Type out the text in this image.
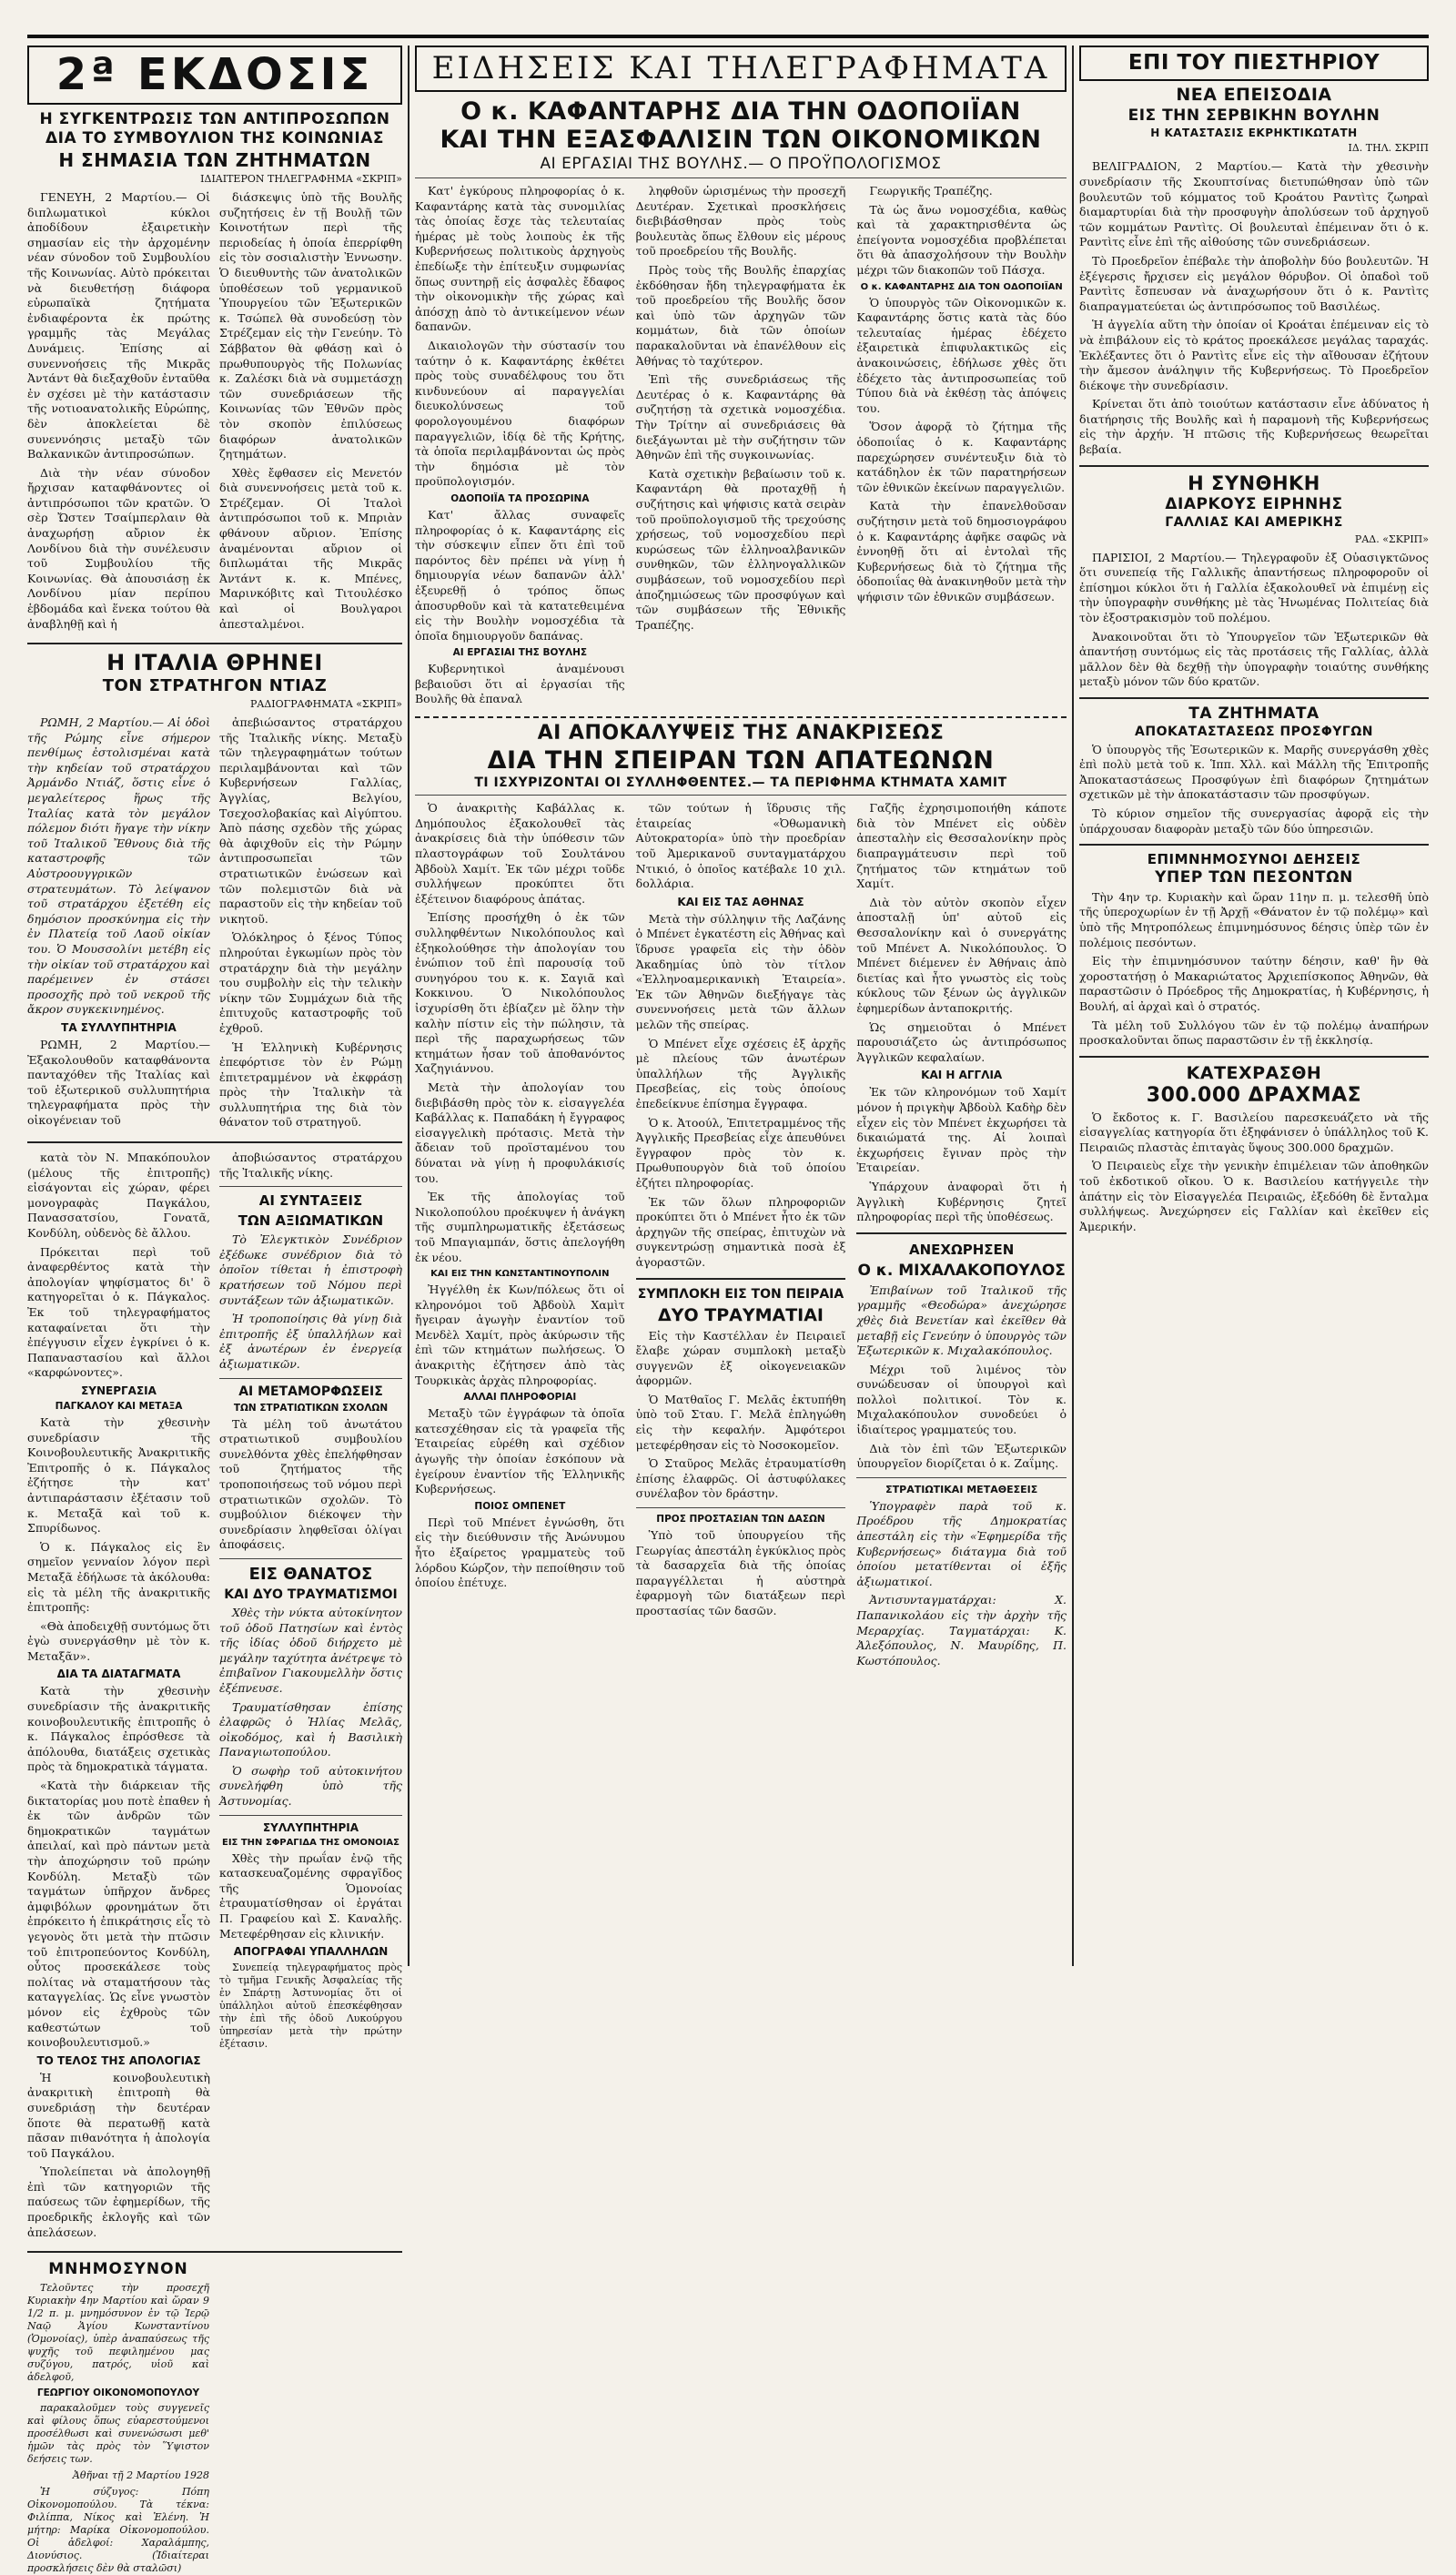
2ª ΕΚΔΟΣΙΣ
Η ΣΥΓΚΕΝΤΡΩΣΙΣ ΤΩΝ ΑΝΤΙΠΡΟΣΩΠΩΝ
ΔΙΑ ΤΟ ΣΥΜΒΟΥΛΙΟΝ ΤΗΣ ΚΟΙΝΩΝΙΑΣ
Η ΣΗΜΑΣΙΑ ΤΩΝ ΖΗΤΗΜΑΤΩΝ
ΙΔΙΑΙΤΕΡΟΝ ΤΗΛΕΓΡΑΦΗΜΑ «ΣΚΡΙΠ»

ΓΕΝΕΥΗ, 2 Μαρτίου.— Οἱ διπλωματικοὶ κύκλοι ἀποδίδουν ἐξαιρετικὴν σημασίαν εἰς τὴν ἀρχομένην νέαν σύνοδον τοῦ Συμβουλίου τῆς Κοινωνίας. Αὐτὸ πρόκειται νὰ διευθετήσῃ διάφορα εὐρωπαϊκὰ ζητήματα ἐνδιαφέροντα ἐκ πρώτης γραμμῆς τὰς Μεγάλας Δυνάμεις. Ἐπίσης αἱ συνεννοήσεις τῆς Μικρᾶς Ἀντάντ θὰ διεξαχθοῦν ἐνταῦθα ἐν σχέσει μὲ τὴν κατάστασιν τῆς νοτιοανατολικῆς Εὐρώπης, δὲν ἀποκλείεται δὲ συνεννόησις μεταξὺ τῶν Βαλκανικῶν ἀντιπροσώπων.

Διὰ τὴν νέαν σύνοδον ἤρχισαν καταφθάνοντες οἱ ἀντιπρόσωποι τῶν κρατῶν. Ὁ σὲρ Ὤστεν Τσαίμπερλαιν θὰ ἀναχωρήσῃ αὔριον ἐκ Λονδίνου διὰ τὴν συνέλευσιν τοῦ Συμβουλίου τῆς Κοινωνίας. Θὰ ἀπουσιάσῃ ἐκ Λονδίνου μίαν περίπου ἑβδομάδα καὶ ἕνεκα τούτου θὰ ἀναβληθῇ καὶ ἡ

διάσκεψις ὑπὸ τῆς Βουλῆς συζητήσεις ἐν τῇ Βουλῇ τῶν Κοινοτήτων περὶ τῆς περιοδείας ἡ ὁποία ἐπερρίφθη εἰς τὸν σοσιαλιστὴν Ἐννωσην. Ὁ διευθυντὴς τῶν ἀνατολικῶν ὑποθέσεων τοῦ γερμανικοῦ Ὑπουργείου τῶν Ἐξωτερικῶν κ. Τσώπελ θὰ συνοδεύσῃ τὸν Στρέζεμαν εἰς τὴν Γενεύην. Τὸ Σάββατον θὰ φθάσῃ καὶ ὁ πρωθυπουργὸς τῆς Πολωνίας κ. Ζαλέσκι διὰ νὰ συμμετάσχῃ τῶν συνεδριάσεων τῆς Κοινωνίας τῶν Ἐθνῶν πρὸς τὸν σκοπὸν ἐπιλύσεως διαφόρων ἀνατολικῶν ζητημάτων.

Χθὲς ἔφθασεν εἰς Μενετόν διὰ συνεννοήσεις μετὰ τοῦ κ. Στρέζεμαν. Οἱ Ἰταλοὶ ἀντιπρόσωποι τοῦ κ. Μπριὰν φθάνουν αὔριον. Ἐπίσης ἀναμένονται αὔριον οἱ διπλωμάται τῆς Μικρᾶς Ἀντάντ κ. κ. Μπένες, Μαρινκόβιτς καὶ Τιτουλέσκο καὶ οἱ Βουλγαροι ἀπεσταλμένοι.

Η ΙΤΑΛΙΑ ΘΡΗΝΕΙ
ΤΟΝ ΣΤΡΑΤΗΓΟΝ ΝΤΙΑΖ
ΡΑΔΙΟΓΡΑΦΗΜΑΤΑ «ΣΚΡΙΠ»

ΡΩΜΗ, 2 Μαρτίου.— Αἱ ὁδοὶ τῆς Ρώμης εἶνε σήμερον πενθίμως ἐστολισμέναι κατὰ τὴν κηδείαν τοῦ στρατάρχου Ἀρμάνδο Ντιάζ, ὅστις εἶνε ὁ μεγαλείτερος ἥρως τῆς Ἰταλίας κατὰ τὸν μεγάλον πόλεμον διότι ἤγαγε τὴν νίκην τοῦ Ἰταλικοῦ Ἔθνους διὰ τῆς καταστροφῆς τῶν Αὐστροουγγρικῶν στρατευμάτων. Τὸ λείψανον τοῦ στρατάρχου ἐξετέθη εἰς δημόσιον προσκύνημα εἰς τὴν ἐν Πλατείᾳ τοῦ Λαοῦ οἰκίαν του. Ὁ Μουσσολίνι μετέβη εἰς τὴν οἰκίαν τοῦ στρατάρχου καὶ παρέμεινεν ἐν στάσει προσοχῆς πρὸ τοῦ νεκροῦ τῆς ἄκρον συγκεκινημένος.

ΤΑ ΣΥΛΛΥΠΗΤΗΡΙΑ

ΡΩΜΗ, 2 Μαρτίου.— Ἐξακολουθοῦν καταφθάνοντα πανταχόθεν τῆς Ἰταλίας καὶ τοῦ ἐξωτερικοῦ συλλυπητήρια τηλεγραφήματα πρὸς τὴν οἰκογένειαν τοῦ

ἀπεβιώσαντος στρατάρχου τῆς Ἰταλικῆς νίκης. Μεταξὺ τῶν τηλεγραφημάτων τούτων περιλαμβάνονται καὶ τῶν Κυβερνήσεων Γαλλίας, Ἀγγλίας, Βελγίου, Τσεχοσλοβακίας καὶ Αἰγύπτου. Ἀπὸ πάσης σχεδὸν τῆς χώρας θὰ ἀφιχθοῦν εἰς τὴν Ρώμην ἀντιπροσωπεῖαι τῶν στρατιωτικῶν ἐνώσεων καὶ τῶν πολεμιστῶν διὰ νὰ παραστοῦν εἰς τὴν κηδείαν τοῦ νικητοῦ.

Ὁλόκληρος ὁ ξένος Τύπος πληρούται ἐγκωμίων πρὸς τὸν στρατάρχην διὰ τὴν μεγάλην του συμβολὴν εἰς τὴν τελικὴν νίκην τῶν Συμμάχων διὰ τῆς ἐπιτυχοῦς καταστροφῆς τοῦ ἐχθροῦ.

Ἡ Ἑλληνικὴ Κυβέρνησις ἐπεφόρτισε τὸν ἐν Ρώμῃ ἐπιτετραμμένον νὰ ἐκφράσῃ πρὸς τὴν Ἰταλικὴν τὰ συλλυπητήρια της διὰ τὸν θάνατον τοῦ στρατηγοῦ.

κατὰ τὸν Ν. Μπακόπουλον (μέλους τῆς ἐπιτροπῆς) εἰσάγονται εἰς χώραν, φέρει μονογραφὰς Παγκάλου, Πανασσατσίου, Γονατᾶ, Κονδύλη, οὐδενὸς δὲ ἄλλου.

Πρόκειται περὶ τοῦ ἀναφερθέντος κατὰ τὴν ἀπολογίαν ψηφίσματος δι' ὃ κατηγορεῖται ὁ κ. Πάγκαλος. Ἐκ τοῦ τηλεγραφήματος καταφαίνεται ὅτι τὴν ἐπέγγυσιν εἶχεν ἐγκρίνει ὁ κ. Παπαναστασίου καὶ ἄλλοι «καρφώνοντες».

ΣΥΝΕΡΓΑΣΙΑ
ΠΑΓΚΑΛΟΥ ΚΑΙ ΜΕΤΑΞΑ

Κατὰ τὴν χθεσινὴν συνεδρίασιν τῆς Κοινοβουλευτικῆς Ἀνακριτικῆς Ἐπιτροπῆς ὁ κ. Πάγκαλος ἐζήτησε τὴν κατ' ἀντιπαράστασιν ἐξέτασιν τοῦ κ. Μεταξᾶ καὶ τοῦ κ. Σπυρίδωνος.

Ὁ κ. Πάγκαλος εἰς ἓν σημεῖον γενναίον λόγον περὶ Μεταξᾶ ἐδήλωσε τὰ ἀκόλουθα: εἰς τὰ μέλη τῆς ἀνακριτικῆς ἐπιτροπῆς:

«Θὰ ἀποδειχθῇ συντόμως ὅτι ἐγὼ συνεργάσθην μὲ τὸν κ. Μεταξᾶν».

ΔΙΑ ΤΑ ΔΙΑΤΑΓΜΑΤΑ

Κατὰ τὴν χθεσινὴν συνεδρίασιν τῆς ἀνακριτικῆς κοινοβουλευτικῆς ἐπιτροπῆς ὁ κ. Πάγκαλος ἐπρόσθεσε τὰ ἀπόλουθα, διατάξεις σχετικὰς πρὸς τὰ δημοκρατικὰ τάγματα.

«Κατὰ τὴν διάρκειαν τῆς δικτατορίας μου ποτὲ ἐπαθεν ἡ ἐκ τῶν ἀνδρῶν τῶν δημοκρατικῶν ταγμάτων ἀπειλαί, καὶ πρὸ πάντων μετὰ τὴν ἀποχώρησιν τοῦ πρώην Κονδύλη. Μεταξὺ τῶν ταγμάτων ὑπῆρχον ἄνδρες ἀμφιβόλων φρονημάτων ὅτι ἐπρόκειτο ἡ ἐπικράτησις εἶς τὸ γεγονὸς ὅτι μετὰ τὴν πτῶσιν τοῦ ἐπιτροπεύοντος Κονδύλη, οὗτος προσεκάλεσε τοὺς πολίτας νὰ σταματήσουν τὰς καταγγελίας. Ὡς εἶνε γνωστὸν μόνον εἰς ἐχθροὺς τῶν καθεστώτων τοῦ κοινοβουλευτισμοῦ.»

ΤΟ ΤΕΛΟΣ ΤΗΣ ΑΠΟΛΟΓΙΑΣ

Ἡ κοινοβουλευτικὴ ἀνακριτικὴ ἐπιτροπὴ θὰ συνεδριάσῃ τὴν δευτέραν ὅποτε θὰ περατωθῇ κατὰ πᾶσαν πιθανότητα ἡ ἀπολογία τοῦ Παγκάλου.

Ὑπολείπεται νὰ ἀπολογηθῇ ἐπὶ τῶν κατηγοριῶν τῆς παύσεως τῶν ἐφημερίδων, τῆς προεδρικῆς ἐκλογῆς καὶ τῶν ἀπελάσεων.

ἀποβιώσαντος στρατάρχου τῆς Ἰταλικῆς νίκης.

ΑΙ ΣΥΝΤΑΞΕΙΣ
ΤΩΝ ΑΞΙΩΜΑΤΙΚΩΝ

Τὸ Ἐλεγκτικὸν Συνέδριον ἐξέδωκε συνέδριον διὰ τὸ ὁποῖον τίθεται ἡ ἐπιστροφὴ κρατήσεων τοῦ Νόμου περὶ συντάξεων τῶν ἀξιωματικῶν.

Ἡ τροποποίησις θὰ γίνῃ διὰ ἐπιτροπῆς ἐξ ὑπαλλήλων καὶ ἐξ ἀνωτέρων ἐν ἐνεργείᾳ ἀξιωματικῶν.

ΑΙ ΜΕΤΑΜΟΡΦΩΣΕΙΣ
ΤΩΝ ΣΤΡΑΤΙΩΤΙΚΩΝ ΣΧΟΛΩΝ

Τὰ μέλη τοῦ ἀνωτάτου στρατιωτικοῦ συμβουλίου συνελθόντα χθὲς ἐπελήφθησαν τοῦ ζητήματος τῆς τροποποιήσεως τοῦ νόμου περὶ στρατιωτικῶν σχολῶν. Τὸ συμβούλιον διέκοψεν τὴν συνεδρίασιν ληφθεῖσαι ὁλίγαι ἀποφάσεις.

ΕΙΣ ΘΑΝΑΤΟΣ
ΚΑΙ ΔΥΟ ΤΡΑΥΜΑΤΙΣΜΟΙ

Χθὲς τὴν νύκτα αὐτοκίνητον τοῦ ὁδοῦ Πατησίων καὶ ἐντὸς τῆς ἰδίας ὁδοῦ διήρχετο μὲ μεγάλην ταχύτητα ἀνέτρεψε τὸ ἐπιβαῖνον Γιακουμελλὴν ὅστις ἐξέπνευσε.

Τραυματίσθησαν ἐπίσης ἐλαφρῶς ὁ Ἠλίας Μελᾶς, οἰκοδόμος, καὶ ἡ Βασιλικὴ Παναγιωτοπούλου.

Ὁ σωφὴρ τοῦ αὐτοκινήτου συνελήφθη ὑπὸ τῆς Ἀστυνομίας.

ΣΥΛΛΥΠΗΤΗΡΙΑ
ΕΙΣ ΤΗΝ ΣΦΡΑΓΙΔΑ ΤΗΣ ΟΜΟΝΟΙΑΣ

Χθὲς τὴν πρωΐαν ἐνῷ τῆς κατασκευαζομένης σφραγῖδος τῆς Ὁμονοίας ἐτραυματίσθησαν οἱ ἐργάται Π. Γραφείου καὶ Σ. Καναλῆς. Μετεφέρθησαν εἰς κλινικήν.

ΑΠΟΓΡΑΦΑΙ ΥΠΑΛΛΗΛΩΝ

Συνεπείᾳ τηλεγραφήματος πρὸς τὸ τμῆμα Γενικῆς Ἀσφαλείας τῆς ἐν Σπάρτῃ Ἀστυνομίας ὅτι οἱ ὑπάλληλοι αὐτοῦ ἐπεσκέφθησαν τὴν ἐπὶ τῆς ὁδοῦ Λυκούργου ὑπηρεσίαν μετὰ τὴν πρώτην ἐξέτασιν.

ΜΝΗΜΟΣΥΝΟΝ

Τελοῦντες τὴν προσεχῆ Κυριακὴν 4ην Μαρτίου καὶ ὥραν 9 1/2 π. μ. μνημόσυνον ἐν τῷ Ἱερῷ Ναῷ Ἁγίου Κωνσταντίνου (Ὁμονοίας), ὑπὲρ ἀναπαύσεως τῆς ψυχῆς τοῦ πεφιλημένου μας συζύγου, πατρός, υἱοῦ καὶ ἀδελφοῦ,

ΓΕΩΡΓΙΟΥ ΟΙΚΟΝΟΜΟΠΟΥΛΟΥ

παρακαλοῦμεν τοὺς συγγενεῖς καὶ φίλους ὅπως εὐαρεστούμενοι προσέλθωσι καὶ συνενώσωσι μεθ' ἡμῶν τὰς πρὸς τὸν Ὕψιστον δεήσεις των.

Ἀθῆναι τῇ 2 Μαρτίου 1928

Ἡ σύζυγος: Πόπη Οἰκονομοπούλου. Τὰ τέκνα: Φιλίππα, Νίκος καὶ Ἑλένη. Ἡ μήτηρ: Μαρίκα Οἰκονομοπούλου. Οἱ ἀδελφοί: Χαραλάμπης, Διονύσιος. (Ἰδιαίτεραι προσκλήσεις δὲν θὰ σταλῶσι)

ΕΙΔΗΣΕΙΣ ΚΑΙ ΤΗΛΕΓΡΑΦΗΜΑΤΑ
Ο κ. ΚΑΦΑΝΤΑΡΗΣ ΔΙΑ ΤΗΝ ΟΔΟΠΟΙΪΑΝ
ΚΑΙ ΤΗΝ ΕΞΑΣΦΑΛΙΣΙΝ ΤΩΝ ΟΙΚΟΝΟΜΙΚΩΝ
ΑΙ ΕΡΓΑΣΙΑΙ ΤΗΣ ΒΟΥΛΗΣ.— Ο ΠΡΟΫΠΟΛΟΓΙΣΜΟΣ

Κατ' ἐγκύρους πληροφορίας ὁ κ. Καφαντάρης κατὰ τὰς συνομιλίας τὰς ὁποίας ἔσχε τὰς τελευταίας ἡμέρας μὲ τοὺς λοιποὺς ἐκ τῆς Κυβερνήσεως πολιτικοὺς ἀρχηγοὺς ἐπεδίωξε τὴν ἐπίτευξιν συμφωνίας ὅπως συντηρῇ εἰς ἀσφαλὲς ἔδαφος τὴν οἰκονομικὴν τῆς χώρας καὶ ἀπόσχῃ ἀπὸ τὸ ἀντικείμενον νέων δαπανῶν.

Δικαιολογῶν τὴν σύστασίν του ταύτην ὁ κ. Καφαντάρης ἐκθέτει πρὸς τοὺς συναδέλφους του ὅτι κινδυνεύουν αἱ παραγγελίαι διευκολύνσεως τοῦ φορολογουμένου διαφόρων παραγγελιῶν, ἰδίᾳ δὲ τῆς Κρήτης, τὰ ὁποῖα περιλαμβάνονται ὡς πρὸς τὴν δημόσια μὲ τὸν προϋπολογισμόν.

ΟΔΟΠΟΙΪΑ ΤΑ ΠΡΟΣΩΡΙΝΑ

Κατ' ἄλλας συναφεῖς πληροφορίας ὁ κ. Καφαντάρης εἰς τὴν σύσκεψιν εἶπεν ὅτι ἐπὶ τοῦ παρόντος δὲν πρέπει νὰ γίνῃ ἡ δημιουργία νέων δαπανῶν ἀλλ' ἐξευρεθῇ ὁ τρόπος ὅπως ἀποσυρθοῦν καὶ τὰ κατατεθειμένα εἰς τὴν Βουλὴν νομοσχέδια τὰ ὁποῖα δημιουργοῦν δαπάνας.

ΑΙ ΕΡΓΑΣΙΑΙ ΤΗΣ ΒΟΥΛΗΣ

Κυβερνητικοὶ ἀναμένουσι βεβαιοῦσι ὅτι αἱ ἐργασίαι τῆς Βουλῆς θὰ ἐπαναλ

ληφθοῦν ὡρισμένως τὴν προσεχῆ Δευτέραν. Σχετικαὶ προσκλήσεις διεβιβάσθησαν πρὸς τοὺς βουλευτὰς ὅπως ἔλθουν εἰς μέρους τοῦ προεδρείου τῆς Βουλῆς.

Πρὸς τοὺς τῆς Βουλῆς ἐπαρχίας ἐκδόθησαν ἤδη τηλεγραφήματα ἐκ τοῦ προεδρείου τῆς Βουλῆς ὅσον καὶ ὑπὸ τῶν ἀρχηγῶν τῶν κομμάτων, διὰ τῶν ὁποίων παρακαλοῦνται νὰ ἐπανέλθουν εἰς Ἀθήνας τὸ ταχύτερον.

Ἐπὶ τῆς συνεδριάσεως τῆς Δευτέρας ὁ κ. Καφαντάρης θὰ συζητήσῃ τὰ σχετικὰ νομοσχέδια. Τὴν Τρίτην αἱ συνεδριάσεις θὰ διεξάγωνται μὲ τὴν συζήτησιν τῶν Ἀθηνῶν ἐπὶ τῆς συγκοινωνίας.

Κατὰ σχετικὴν βεβαίωσιν τοῦ κ. Καφαντάρη θὰ προταχθῇ ἡ συζήτησις καὶ ψήφισις κατὰ σειρὰν τοῦ προϋπολογισμοῦ τῆς τρεχούσης χρήσεως, τοῦ νομοσχεδίου περὶ κυρώσεως τῶν ἐλληνοαλβανικῶν συνθηκῶν, τῶν ἐλληνογαλλικῶν συμβάσεων, τοῦ νομοσχεδίου περὶ ἀποζημιώσεως τῶν προσφύγων καὶ τῶν συμβάσεων τῆς Ἐθνικῆς Τραπέζης.

Γεωργικῆς Τραπέζης.

Τὰ ὡς ἄνω νομοσχέδια, καθὼς καὶ τὰ χαρακτηρισθέντα ὡς ἐπείγοντα νομοσχέδια προβλέπεται ὅτι θὰ ἀπασχολήσουν τὴν Βουλὴν μέχρι τῶν διακοπῶν τοῦ Πάσχα.

Ο κ. ΚΑΦΑΝΤΑΡΗΣ ΔΙΑ ΤΟΝ ΟΔΟΠΟΙΪΑΝ

Ὁ ὑπουργὸς τῶν Οἰκονομικῶν κ. Καφαντάρης ὅστις κατὰ τὰς δύο τελευταίας ἡμέρας ἐδέχετο ἐξαιρετικὰ ἐπιφυλακτικῶς εἰς ἀνακοινώσεις, ἐδήλωσε χθὲς ὅτι ἐδέχετο τὰς ἀντιπροσωπείας τοῦ Τύπου διὰ νὰ ἐκθέσῃ τὰς ἀπόψεις του.

Ὅσον ἀφορᾷ τὸ ζήτημα τῆς ὁδοποιΐας ὁ κ. Καφαντάρης παρεχώρησεν συνέντευξιν διὰ τὸ κατάδηλον ἐκ τῶν παρατηρήσεων τῶν ἐθνικῶν ἐκείνων παραγγελιῶν.

Κατὰ τὴν ἐπανελθοῦσαν συζήτησιν μετὰ τοῦ δημοσιογράφου ὁ κ. Καφαντάρης ἀφῆκε σαφῶς νὰ ἐννοηθῇ ὅτι αἱ ἐντολαὶ τῆς Κυβερνήσεως διὰ τὸ ζήτημα τῆς ὁδοποιΐας θὰ ἀνακινηθοῦν μετὰ τὴν ψήφισιν τῶν ἐθνικῶν συμβάσεων.

ΑΙ ΑΠΟΚΑΛΥΨΕΙΣ ΤΗΣ ΑΝΑΚΡΙΣΕΩΣ
ΔΙΑ ΤΗΝ ΣΠΕΙΡΑΝ ΤΩΝ ΑΠΑΤΕΩΝΩΝ
ΤΙ ΙΣΧΥΡΙΖΟΝΤΑΙ ΟΙ ΣΥΛΛΗΦΘΕΝΤΕΣ.— ΤΑ ΠΕΡΙΦΗΜΑ ΚΤΗΜΑΤΑ ΧΑΜΙΤ

Ὁ ἀνακριτὴς Καβάλλας κ. Δημόπουλος ἐξακολουθεῖ τὰς ἀνακρίσεις διὰ τὴν ὑπόθεσιν τῶν πλαστογράφων τοῦ Σουλτάνου Ἀβδοὺλ Χαμίτ. Ἐκ τῶν μέχρι τοῦδε συλλήψεων προκύπτει ὅτι ἐξέτεινον διαφόρους ἀπάτας.

Ἐπίσης προσήχθη ὁ ἐκ τῶν συλληφθέντων Νικολόπουλος καὶ ἐξηκολούθησε τὴν ἀπολογίαν του ἐνώπιον τοῦ ἐπὶ παρουσίᾳ τοῦ συνηγόρου του κ. κ. Σαγιᾶ καὶ Κοκκινου. Ὁ Νικολόπουλος ἰσχυρίσθη ὅτι ἐβίαζεν μὲ ὅλην τὴν καλὴν πίστιν εἰς τὴν πώλησιν, τὰ περὶ τῆς παραχωρήσεως τῶν κτημάτων ἦσαν τοῦ ἀποθανόντος Χαζηγιάννου.

Μετὰ τὴν ἀπολογίαν του διεβιβάσθη πρὸς τὸν κ. εἰσαγγελέα Καβάλλας κ. Παπαδάκη ἡ ἔγγραφος εἰσαγγελικὴ πρότασις. Μετὰ τὴν ἄδειαν τοῦ προϊσταμένου του δύναται νὰ γίνῃ ἡ προφυλάκισίς του.

Ἐκ τῆς ἀπολογίας τοῦ Νικολοπούλου προέκυψεν ἡ ἀνάγκη τῆς συμπληρωματικῆς ἐξετάσεως τοῦ Μπαγιαμπάν, ὅστις ἀπελογήθη ἐκ νέου.

ΚΑΙ ΕΙΣ ΤΗΝ ΚΩΝΣΤΑΝΤΙΝΟΥΠΟΛΙΝ

Ἠγγέλθη ἐκ Κων/πόλεως ὅτι οἱ κληρονόμοι τοῦ Ἀβδοὺλ Χαμὶτ ἤγειραν ἀγωγὴν ἐναντίον τοῦ Μενδὲλ Χαμίτ, πρὸς ἀκύρωσιν τῆς ἐπὶ τῶν κτημάτων πωλήσεως. Ὁ ἀνακριτὴς ἐζήτησεν ἀπὸ τὰς Τουρκικὰς ἀρχὰς πληροφορίας.

ΑΛΛΑΙ ΠΛΗΡΟΦΟΡΙΑΙ

Μεταξὺ τῶν ἐγγράφων τὰ ὁποῖα κατεσχέθησαν εἰς τὰ γραφεῖα τῆς Ἑταιρείας εὑρέθη καὶ σχέδιον ἀγωγῆς τὴν ὁποίαν ἐσκόπουν νὰ ἐγείρουν ἐναντίον τῆς Ἑλληνικῆς Κυβερνήσεως.

ΠΟΙΟΣ ΟΜΠΕΝΕΤ

Περὶ τοῦ Μπένετ ἐγνώσθη, ὅτι εἰς τὴν διεύθυνσιν τῆς Ἀνώνυμου ἦτο ἐξαίρετος γραμματεὺς τοῦ λόρδου Κώρζον, τὴν πεποίθησιν τοῦ ὁποίου ἐπέτυχε.

τῶν τούτων ἡ ἵδρυσις τῆς ἑταιρείας «Ὀθωμανικὴ Αὐτοκρατορία» ὑπὸ τὴν προεδρίαν τοῦ Ἀμερικανοῦ συνταγματάρχου Ντικιό, ὁ ὁποῖος κατέβαλε 10 χιλ. δολλάρια.

ΚΑΙ ΕΙΣ ΤΑΣ ΑΘΗΝΑΣ

Μετὰ τὴν σύλληψιν τῆς Λαζάνης ὁ Μπένετ ἐγκατέστη εἰς Ἀθήνας καὶ ἵδρυσε γραφεῖα εἰς τὴν ὁδὸν Ἀκαδημίας ὑπὸ τὸν τίτλον «Ἑλληνοαμερικανικὴ Ἑταιρεία». Ἐκ τῶν Ἀθηνῶν διεξήγαγε τὰς συνεννοήσεις μετὰ τῶν ἄλλων μελῶν τῆς σπείρας.

Ὁ Μπένετ εἶχε σχέσεις ἐξ ἀρχῆς μὲ πλείους τῶν ἀνωτέρων ὑπαλλήλων τῆς Ἀγγλικῆς Πρεσβείας, εἰς τοὺς ὁποίους ἐπεδείκνυε ἐπίσημα ἔγγραφα.

Ὁ κ. Ἀτοούλ, Ἐπιτετραμμένος τῆς Ἀγγλικῆς Πρεσβείας εἶχε ἀπευθύνει ἔγγραφον πρὸς τὸν κ. Πρωθυπουργὸν διὰ τοῦ ὁποίου ἐζήτει πληροφορίας.

Ἐκ τῶν ὅλων πληροφοριῶν προκύπτει ὅτι ὁ Μπένετ ἦτο ἐκ τῶν ἀρχηγῶν τῆς σπείρας, ἐπιτυχὼν νὰ συγκεντρώσῃ σημαντικὰ ποσὰ ἐξ ἀγοραστῶν.

ΣΥΜΠΛΟΚΗ ΕΙΣ ΤΟΝ ΠΕΙΡΑΙΑ
ΔΥΟ ΤΡΑΥΜΑΤΙΑΙ

Εἰς τὴν Καστέλλαν ἐν Πειραιεῖ ἔλαβε χώραν συμπλοκὴ μεταξὺ συγγενῶν ἐξ οἰκογενειακῶν ἀφορμῶν.

Ὁ Ματθαῖος Γ. Μελᾶς ἐκτυπήθη ὑπὸ τοῦ Σταυ. Γ. Μελᾶ ἐπληγώθη εἰς τὴν κεφαλήν. Ἀμφότεροι μετεφέρθησαν εἰς τὸ Νοσοκομεῖον.

Ὁ Σταῦρος Μελᾶς ἐτραυματίσθη ἐπίσης ἐλαφρῶς. Οἱ ἀστυφύλακες συνέλαβον τὸν δράστην.

ΠΡΟΣ ΠΡΟΣΤΑΣΙΑΝ ΤΩΝ ΔΑΣΩΝ

Ὑπὸ τοῦ ὑπουργείου τῆς Γεωργίας ἀπεστάλη ἐγκύκλιος πρὸς τὰ δασαρχεῖα διὰ τῆς ὁποίας παραγγέλλεται ἡ αὐστηρὰ ἐφαρμογὴ τῶν διατάξεων περὶ προστασίας τῶν δασῶν.

Γαζῆς ἐχρησιμοποιήθη κάποτε διὰ τὸν Μπένετ εἰς οὐδὲν ἀπεσταλὴν εἰς Θεσσαλονίκην πρὸς διαπραγμάτευσιν περὶ τοῦ ζητήματος τῶν κτημάτων τοῦ Χαμίτ.

Διὰ τὸν αὐτὸν σκοπὸν εἶχεν ἀποσταλῇ ὑπ' αὐτοῦ εἰς Θεσσαλονίκην καὶ ὁ συνεργάτης τοῦ Μπένετ Α. Νικολόπουλος. Ὁ Μπένετ διέμενεν ἐν Ἀθήναις ἀπὸ διετίας καὶ ἦτο γνωστὸς εἰς τοὺς κύκλους τῶν ξένων ὡς ἀγγλικῶν ἐφημερίδων ἀνταποκριτής.

Ὡς σημειοῦται ὁ Μπένετ παρουσιάζετο ὡς ἀντιπρόσωπος Ἀγγλικῶν κεφαλαίων.

ΚΑΙ Η ΑΓΓΛΙΑ

Ἐκ τῶν κληρονόμων τοῦ Χαμίτ μόνον ἡ πριγκὴψ Ἀβδοὺλ Καδὴρ δὲν εἶχεν εἰς τὸν Μπένετ ἐκχωρήσει τὰ δικαιώματά της. Αἱ λοιπαὶ ἐκχωρήσεις ἔγιναν πρὸς τὴν Ἑταιρείαν.

Ὑπάρχουν ἀναφοραὶ ὅτι ἡ Ἀγγλικὴ Κυβέρνησις ζητεῖ πληροφορίας περὶ τῆς ὑποθέσεως.

ΑΝΕΧΩΡΗΣΕΝ
Ο κ. ΜΙΧΑΛΑΚΟΠΟΥΛΟΣ

Ἐπιβαίνων τοῦ Ἰταλικοῦ τῆς γραμμῆς «Θεοδώρα» ἀνεχώρησε χθὲς διὰ Βενετίαν καὶ ἐκεῖθεν θὰ μεταβῇ εἰς Γενεύην ὁ ὑπουργὸς τῶν Ἐξωτερικῶν κ. Μιχαλακόπουλος.

Μέχρι τοῦ λιμένος τὸν συνώδευσαν οἱ ὑπουργοὶ καὶ πολλοὶ πολιτικοί. Τὸν κ. Μιχαλακόπουλον συνοδεύει ὁ ἰδιαίτερος γραμματεύς του.

Διὰ τὸν ἐπὶ τῶν Ἐξωτερικῶν ὑπουργεῖον διορίζεται ὁ κ. Ζαΐμης.

ΣΤΡΑΤΙΩΤΙΚΑΙ ΜΕΤΑΘΕΣΕΙΣ

Ὑπογραφὲν παρὰ τοῦ κ. Προέδρου τῆς Δημοκρατίας ἀπεστάλη εἰς τὴν «Ἐφημερίδα τῆς Κυβερνήσεως» διάταγμα διὰ τοῦ ὁποίου μετατίθενται οἱ ἑξῆς ἀξιωματικοί.

Ἀντισυνταγματάρχαι: Χ. Παπανικολάου εἰς τὴν ἀρχὴν τῆς Μεραρχίας. Ταγματάρχαι: Κ. Ἀλεξόπουλος, Ν. Μαυρίδης, Π. Κωστόπουλος.

ΕΠΙ ΤΟΥ ΠΙΕΣΤΗΡΙΟΥ
ΝΕΑ ΕΠΕΙΣΟΔΙΑ
ΕΙΣ ΤΗΝ ΣΕΡΒΙΚΗΝ ΒΟΥΛΗΝ
Η ΚΑΤΑΣΤΑΣΙΣ ΕΚΡΗΚΤΙΚΩΤΑΤΗ
ΙΔ. ΤΗΛ. ΣΚΡΙΠ

ΒΕΛΙΓΡΑΔΙΟΝ, 2 Μαρτίου.— Κατὰ τὴν χθεσινὴν συνεδρίασιν τῆς Σκουπτσίνας διετυπώθησαν ὑπὸ τῶν βουλευτῶν τοῦ κόμματος τοῦ Κροάτου Ραντὶτς ζωηραὶ διαμαρτυρίαι διὰ τὴν προσφυγὴν ἀπολύσεων τοῦ ἀρχηγοῦ τῶν κομμάτων Ραντὶτς. Οἱ βουλευταὶ ἐπέμειναν ὅτι ὁ κ. Ραντὶτς εἶνε ἐπὶ τῆς αἰθούσης τῶν συνεδριάσεων.

Τὸ Προεδρεῖον ἐπέβαλε τὴν ἀποβολὴν δύο βουλευτῶν. Ἡ ἐξέγερσις ἤρχισεν εἰς μεγάλον θόρυβον. Οἱ ὀπαδοὶ τοῦ Ραντὶτς ἔσπευσαν νὰ ἀναχωρήσουν ὅτι ὁ κ. Ραντὶτς διαπραγματεύεται ὡς ἀντιπρόσωπος τοῦ Βασιλέως.

Ἡ ἀγγελία αὕτη τὴν ὁποίαν οἱ Κροάται ἐπέμειναν εἰς τὸ νὰ ἐπιβάλουν εἰς τὸ κράτος προεκάλεσε μεγάλας ταραχάς. Ἐκλέξαντες ὅτι ὁ Ραντὶτς εἶνε εἰς τὴν αἴθουσαν ἐζήτουν τὴν ἄμεσον ἀνάληψιν τῆς Κυβερνήσεως. Τὸ Προεδρεῖον διέκοψε τὴν συνεδρίασιν.

Κρίνεται ὅτι ἀπὸ τοιούτων κατάστασιν εἶνε ἀδύνατος ἡ διατήρησις τῆς Βουλῆς καὶ ἡ παραμονὴ τῆς Κυβερνήσεως εἰς τὴν ἀρχήν. Ἡ πτῶσις τῆς Κυβερνήσεως θεωρεῖται βεβαία.

Η ΣΥΝΘΗΚΗ
ΔΙΑΡΚΟΥΣ ΕΙΡΗΝΗΣ
ΓΑΛΛΙΑΣ ΚΑΙ ΑΜΕΡΙΚΗΣ
ΡΑΔ. «ΣΚΡΙΠ»

ΠΑΡΙΣΙΟΙ, 2 Μαρτίου.— Τηλεγραφοῦν ἐξ Οὐασιγκτῶνος ὅτι συνεπείᾳ τῆς Γαλλικῆς ἀπαντήσεως πληροφοροῦν οἱ ἐπίσημοι κύκλοι ὅτι ἡ Γαλλία ἐξακολουθεῖ νὰ ἐπιμένῃ εἰς τὴν ὑπογραφὴν συνθήκης μὲ τὰς Ἡνωμένας Πολιτείας διὰ τὸν ἐξοστρακισμὸν τοῦ πολέμου.

Ἀνακοινοῦται ὅτι τὸ Ὑπουργεῖον τῶν Ἐξωτερικῶν θὰ ἀπαντήσῃ συντόμως εἰς τὰς προτάσεις τῆς Γαλλίας, ἀλλὰ μᾶλλον δὲν θὰ δεχθῇ τὴν ὑπογραφὴν τοιαύτης συνθήκης μεταξὺ μόνον τῶν δύο κρατῶν.

ΤΑ ΖΗΤΗΜΑΤΑ
ΑΠΟΚΑΤΑΣΤΑΣΕΩΣ ΠΡΟΣΦΥΓΩΝ

Ὁ ὑπουργὸς τῆς Ἐσωτερικῶν κ. Μαρῆς συνεργάσθη χθὲς ἐπὶ πολὺ μετὰ τοῦ κ. Ἱππ. Χλλ. καὶ Μάλλη τῆς Ἐπιτροπῆς Ἀποκαταστάσεως Προσφύγων ἐπὶ διαφόρων ζητημάτων σχετικῶν μὲ τὴν ἀποκατάστασιν τῶν προσφύγων.

Τὸ κύριον σημεῖον τῆς συνεργασίας ἀφορᾷ εἰς τὴν ὑπάρχουσαν διαφορὰν μεταξὺ τῶν δύο ὑπηρεσιῶν.

ΕΠΙΜΝΗΜΟΣΥΝΟΙ ΔΕΗΣΕΙΣ
ΥΠΕΡ ΤΩΝ ΠΕΣΟΝΤΩΝ

Τὴν 4ην τρ. Κυριακὴν καὶ ὥραν 11ην π. μ. τελεσθῆ ὑπὸ τῆς ὑπεροχωρίων ἐν τῇ Ἀρχῇ «Θάνατον ἐν τῷ πολέμῳ» καὶ ὑπὸ τῆς Μητροπόλεως ἐπιμνημόσυνος δέησις ὑπὲρ τῶν ἐν πολέμοις πεσόντων.

Εἰς τὴν ἐπιμνημόσυνον ταύτην δέησιν, καθ' ἣν θὰ χοροστατήσῃ ὁ Μακαριώτατος Ἀρχιεπίσκοπος Ἀθηνῶν, θὰ παραστῶσιν ὁ Πρόεδρος τῆς Δημοκρατίας, ἡ Κυβέρνησις, ἡ Βουλή, αἱ ἀρχαὶ καὶ ὁ στρατός.

Τὰ μέλη τοῦ Συλλόγου τῶν ἐν τῷ πολέμῳ ἀναπήρων προσκαλοῦνται ὅπως παραστῶσιν ἐν τῇ ἐκκλησίᾳ.

ΚΑΤΕΧΡΑΣΘΗ
300.000 ΔΡΑΧΜΑΣ

Ὁ ἔκδοτος κ. Γ. Βασιλείου παρεσκευάζετο νὰ τῆς εἰσαγγελίας κατηγορία ὅτι ἐξηφάνισεν ὁ ὑπάλληλος τοῦ Κ. Πειραιῶς πλαστὰς ἐπιταγὰς ὕψους 300.000 δραχμῶν.

Ὁ Πειραιεὺς εἶχε τὴν γενικὴν ἐπιμέλειαν τῶν ἀποθηκῶν τοῦ ἐκδοτικοῦ οἴκου. Ὁ κ. Βασιλείου κατήγγειλε τὴν ἀπάτην εἰς τὸν Εἰσαγγελέα Πειραιῶς, ἐξεδόθη δὲ ἔνταλμα συλλήψεως. Ἀνεχώρησεν εἰς Γαλλίαν καὶ ἐκεῖθεν εἰς Ἀμερικήν.
